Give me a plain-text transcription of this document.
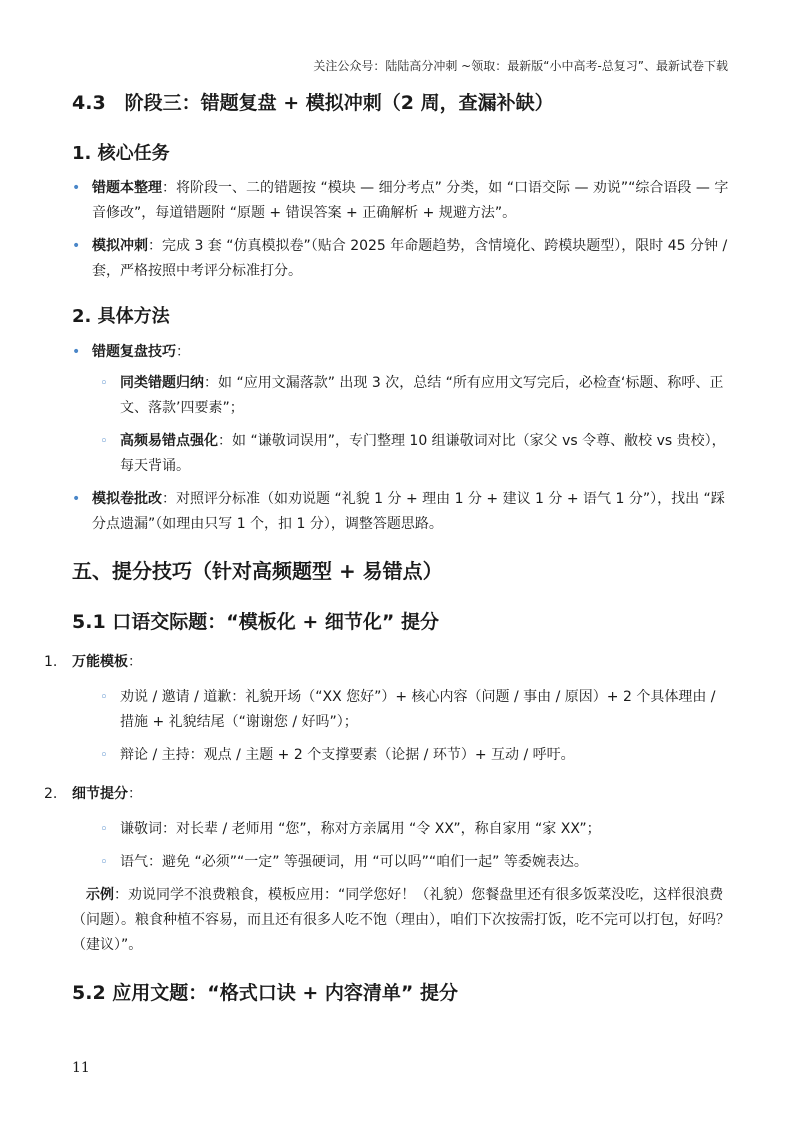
关注公众号：陆陆高分冲刺 ~领取：最新版“小中高考-总复习”、最新试卷下载
4.3　阶段三：错题复盘 + 模拟冲刺（2 周，查漏补缺）
1. 核心任务

• 错题本整理：将阶段一、二的错题按 “模块 — 细分考点” 分类，如 “口语交际 — 劝说”“综合语段 — 字音修改”，每道错题附 “原题 + 错误答案 + 正确解析 + 规避方法”。

• 模拟冲刺：完成 3 套 “仿真模拟卷”（贴合 2025 年命题趋势，含情境化、跨模块题型），限时 45 分钟 / 套，严格按照中考评分标准打分。

2. 具体方法

• 错题复盘技巧：

◦ 同类错题归纳：如 “应用文漏落款” 出现 3 次，总结 “所有应用文写完后，必检查‘标题、称呼、正文、落款’四要素”；

◦ 高频易错点强化：如 “谦敬词误用”，专门整理 10 组谦敬词对比（家父 vs 令尊、敝校 vs 贵校），每天背诵。

• 模拟卷批改：对照评分标准（如劝说题 “礼貌 1 分 + 理由 1 分 + 建议 1 分 + 语气 1 分”），找出 “踩分点遗漏”（如理由只写 1 个，扣 1 分），调整答题思路。

五、提分技巧（针对高频题型 + 易错点）
5.1 口语交际题：“模板化 + 细节化” 提分

1. 万能模板：

◦ 劝说 / 邀请 / 道歉：礼貌开场（“XX 您好”）+ 核心内容（问题 / 事由 / 原因）+ 2 个具体理由 / 措施 + 礼貌结尾（“谢谢您 / 好吗”）；

◦ 辩论 / 主持：观点 / 主题 + 2 个支撑要素（论据 / 环节）+ 互动 / 呼吁。

2. 细节提分：

◦ 谦敬词：对长辈 / 老师用 “您”，称对方亲属用 “令 XX”，称自家用 “家 XX”；

◦ 语气：避免 “必须”“一定” 等强硬词，用 “可以吗”“咱们一起” 等委婉表达。

示例：劝说同学不浪费粮食，模板应用：“同学您好！（礼貌）您餐盘里还有很多饭菜没吃，这样很浪费（问题）。粮食种植不容易，而且还有很多人吃不饱（理由），咱们下次按需打饭，吃不完可以打包，好吗？（建议）”。

5.2 应用文题：“格式口诀 + 内容清单” 提分
11
